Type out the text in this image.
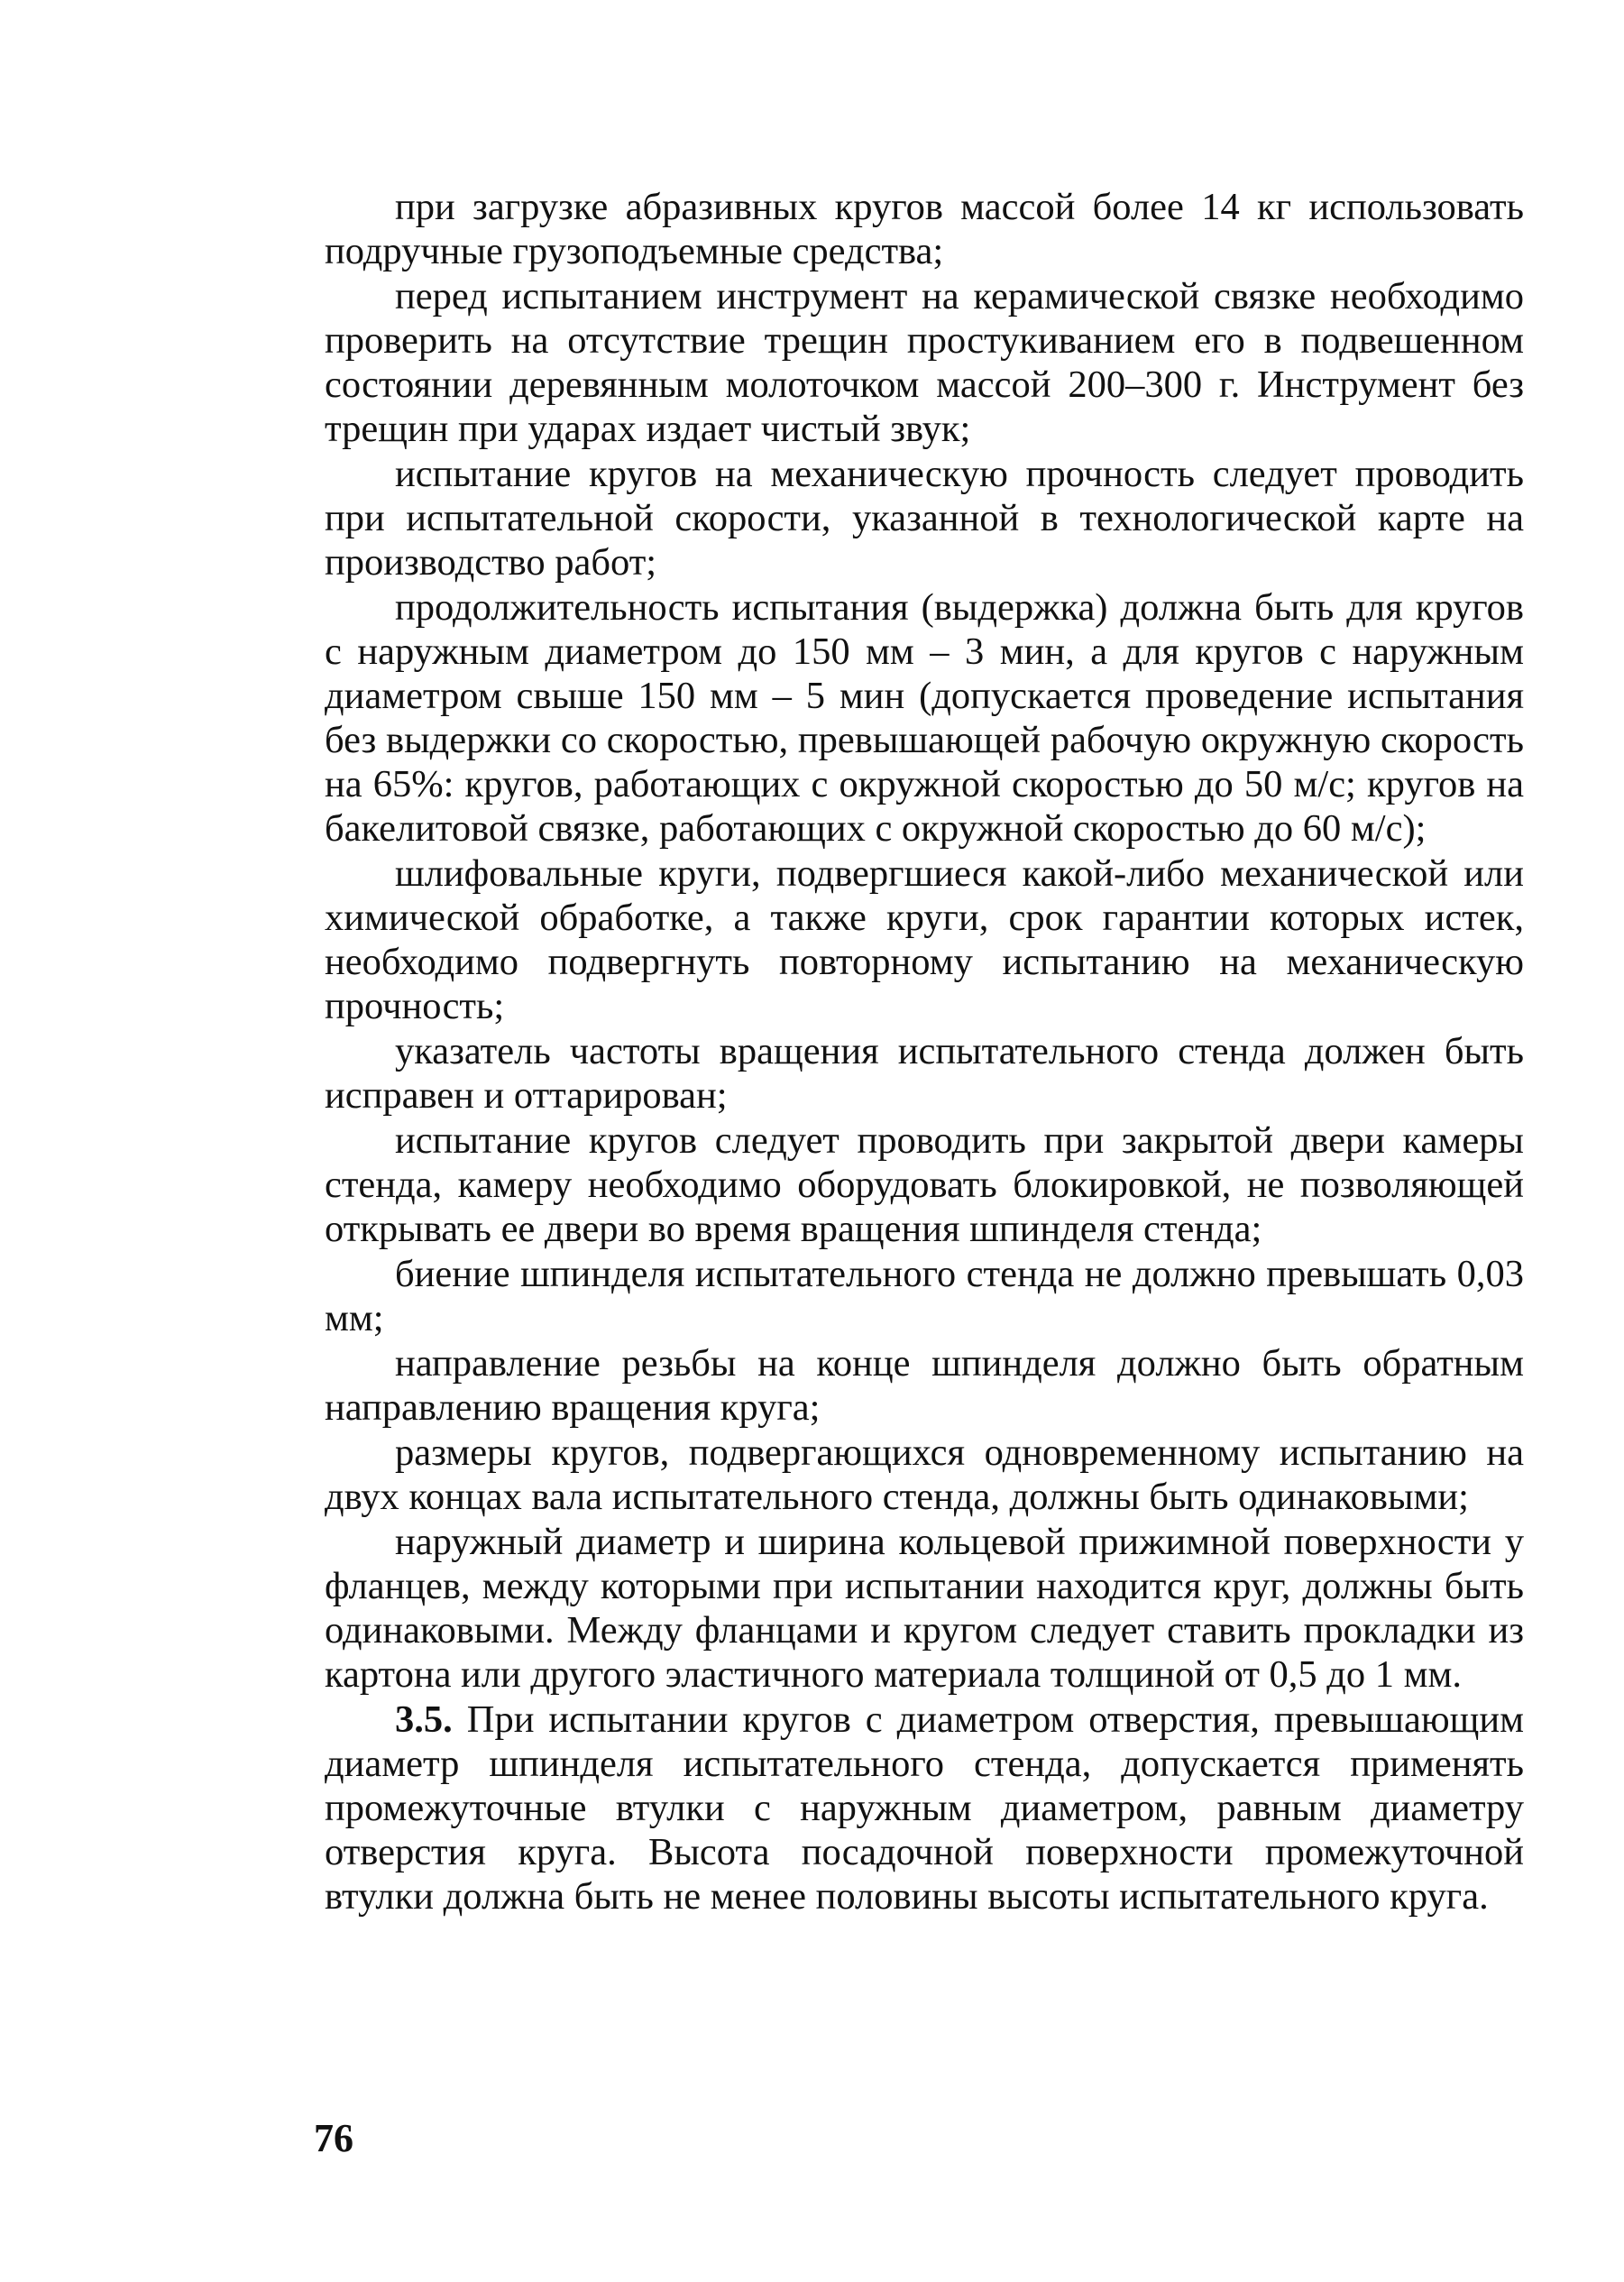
при загрузке абразивных кругов массой более 14 кг использовать подручные грузоподъемные средства;

перед испытанием инструмент на керамической связке необходимо проверить на отсутствие трещин простукиванием его в подвешенном состоянии деревянным молоточком массой 200–300 г. Инструмент без трещин при ударах издает чистый звук;

испытание кругов на механическую прочность следует проводить при испытательной скорости, указанной в технологической карте на производство работ;

продолжительность испытания (выдержка) должна быть для кругов с наружным диаметром до 150 мм – 3 мин, а для кругов с наружным диаметром свыше 150 мм – 5 мин (допускается проведение испытания без выдержки со скоростью, превышающей рабочую окружную скорость на 65%: кругов, работающих с окружной скоростью до 50 м/с; кругов на бакелитовой связке, работающих с окружной скоростью до 60 м/с);

шлифовальные круги, подвергшиеся какой-либо механической или химической обработке, а также круги, срок гарантии которых истек, необходимо подвергнуть повторному испытанию на механическую прочность;

указатель частоты вращения испытательного стенда должен быть исправен и оттарирован;

испытание кругов следует проводить при закрытой двери камеры стенда, камеру необходимо оборудовать блокировкой, не позволяющей открывать ее двери во время вращения шпинделя стенда;

биение шпинделя испытательного стенда не должно превышать 0,03 мм;

направление резьбы на конце шпинделя должно быть обратным направлению вращения круга;

размеры кругов, подвергающихся одновременному испытанию на двух концах вала испытательного стенда, должны быть одинаковыми;

наружный диаметр и ширина кольцевой прижимной поверхности у фланцев, между которыми при испытании находится круг, должны быть одинаковыми. Между фланцами и кругом следует ставить прокладки из картона или другого эластичного материала толщиной от 0,5 до 1 мм.

3.5. При испытании кругов с диаметром отверстия, превышающим диаметр шпинделя испытательного стенда, допускается применять промежуточные втулки с наружным диаметром, равным диаметру отверстия круга. Высота посадочной поверхности промежуточной втулки должна быть не менее половины высоты испытательного круга.

76
